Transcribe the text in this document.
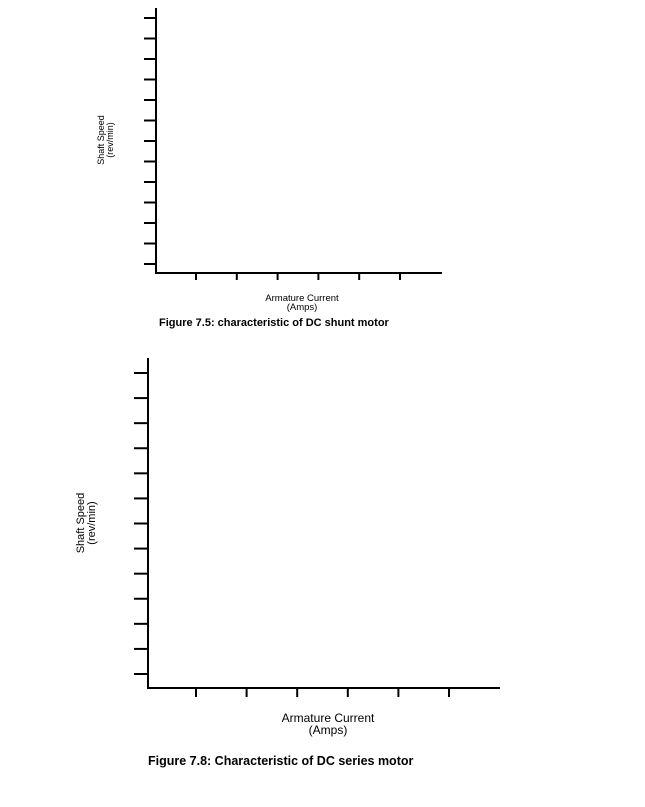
Shaft Speed (rev/min)
Armature Current
(Amps)
Figure 7.5: characteristic of DC shunt motor
Shaft Speed (rev/min)
Armature Current
(Amps)
Figure 7.8: Characteristic of DC series motor
